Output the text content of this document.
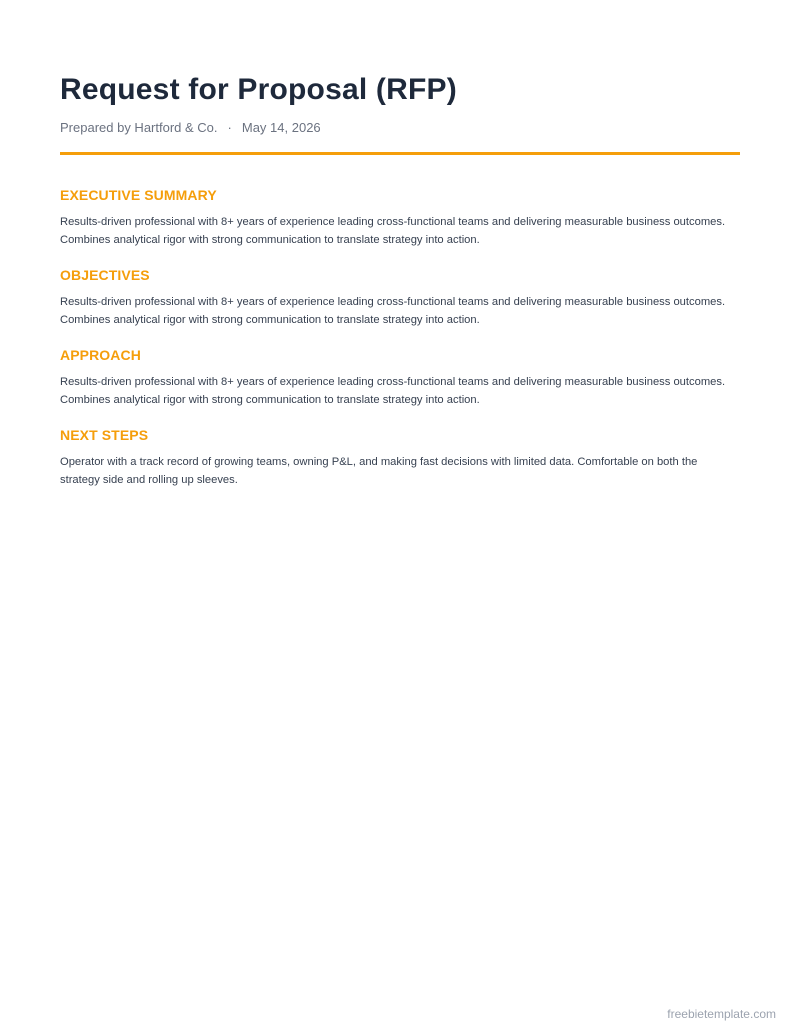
Request for Proposal (RFP)
Prepared by Hartford & Co. · May 14, 2026
EXECUTIVE SUMMARY

Results-driven professional with 8+ years of experience leading cross-functional teams and delivering measurable business outcomes. Combines analytical rigor with strong communication to translate strategy into action.

OBJECTIVES

Results-driven professional with 8+ years of experience leading cross-functional teams and delivering measurable business outcomes. Combines analytical rigor with strong communication to translate strategy into action.

APPROACH

Results-driven professional with 8+ years of experience leading cross-functional teams and delivering measurable business outcomes. Combines analytical rigor with strong communication to translate strategy into action.

NEXT STEPS

Operator with a track record of growing teams, owning P&L, and making fast decisions with limited data. Comfortable on both the strategy side and rolling up sleeves.

freebietemplate.com
